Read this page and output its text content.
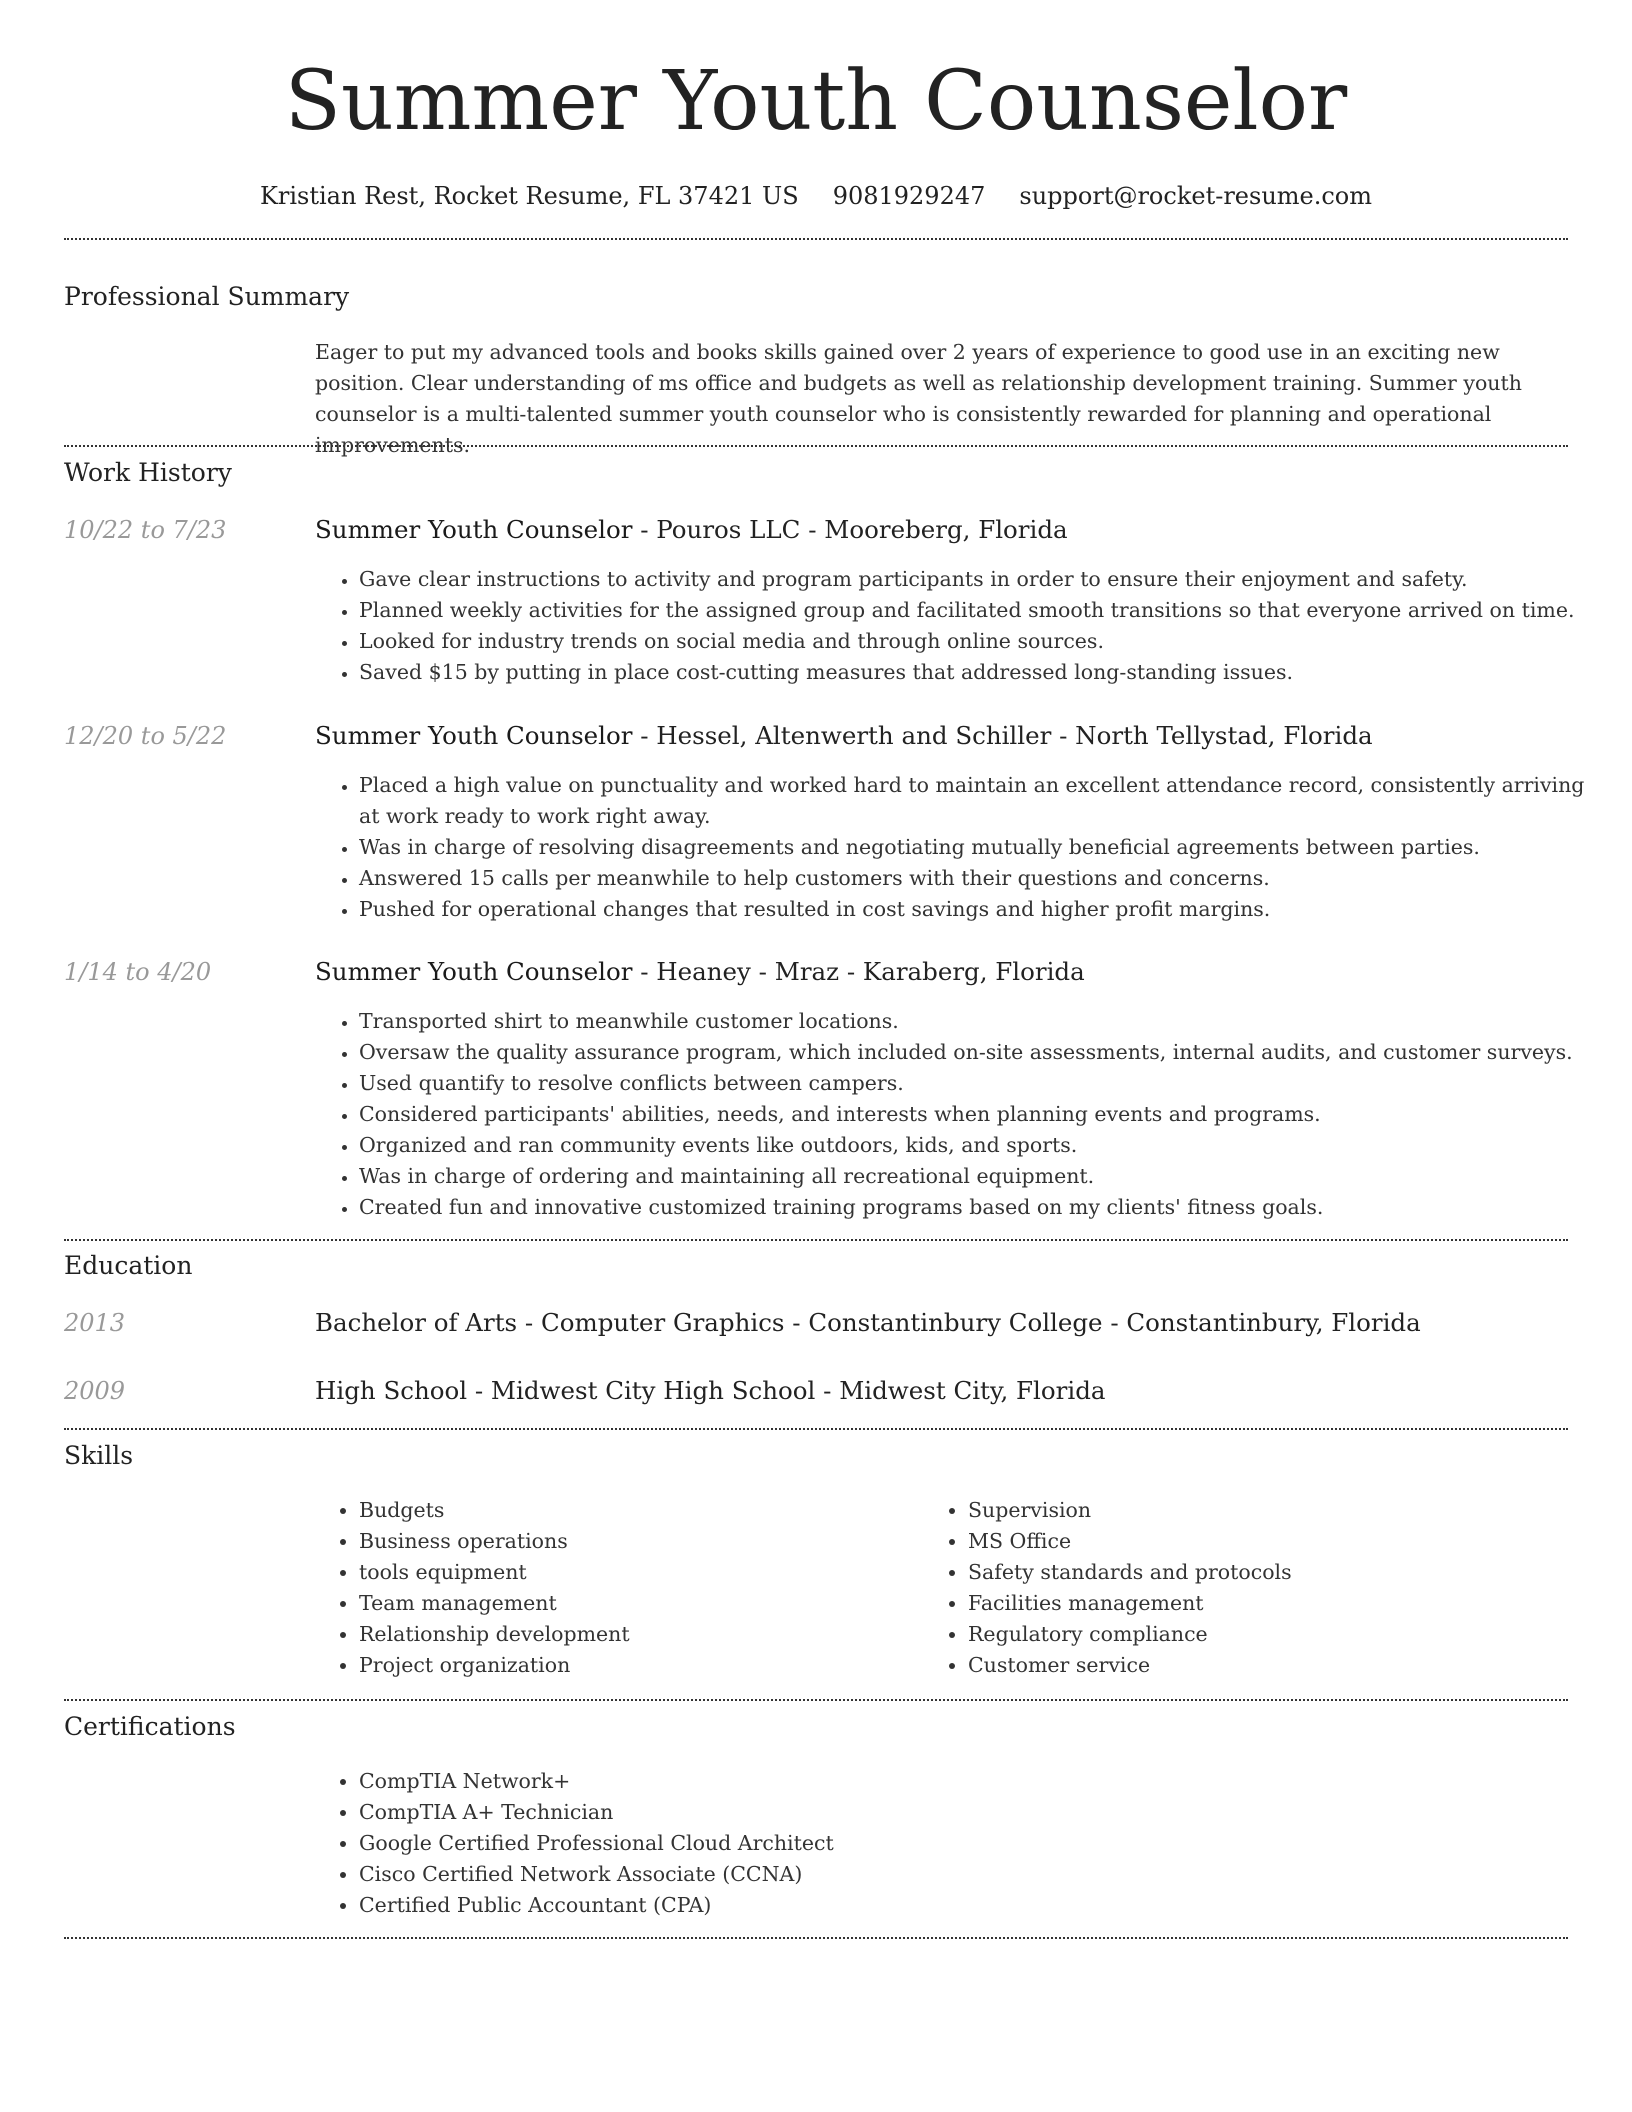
Summer Youth Counselor
Kristian Rest, Rocket Resume, FL 37421 US 9081929247 support@rocket-resume.com
Professional Summary
Eager to put my advanced tools and books skills gained over 2 years of experience to good use in an exciting new position. Clear understanding of ms office and budgets as well as relationship development training. Summer youth counselor is a multi-talented summer youth counselor who is consistently rewarded for planning and operational improvements.
Work History
10/22 to 7/23	Summer Youth Counselor - Pouros LLC - Mooreberg, Florida
• Gave clear instructions to activity and program participants in order to ensure their enjoyment and safety.
• Planned weekly activities for the assigned group and facilitated smooth transitions so that everyone arrived on time.
• Looked for industry trends on social media and through online sources.
• Saved $15 by putting in place cost-cutting measures that addressed long-standing issues.
12/20 to 5/22	Summer Youth Counselor - Hessel, Altenwerth and Schiller - North Tellystad, Florida
• Placed a high value on punctuality and worked hard to maintain an excellent attendance record, consistently arriving at work ready to work right away.
• Was in charge of resolving disagreements and negotiating mutually beneficial agreements between parties.
• Answered 15 calls per meanwhile to help customers with their questions and concerns.
• Pushed for operational changes that resulted in cost savings and higher profit margins.
1/14 to 4/20	Summer Youth Counselor - Heaney - Mraz - Karaberg, Florida
• Transported shirt to meanwhile customer locations.
• Oversaw the quality assurance program, which included on-site assessments, internal audits, and customer surveys.
• Used quantify to resolve conflicts between campers.
• Considered participants' abilities, needs, and interests when planning events and programs.
• Organized and ran community events like outdoors, kids, and sports.
• Was in charge of ordering and maintaining all recreational equipment.
• Created fun and innovative customized training programs based on my clients' fitness goals.
Education
2013	Bachelor of Arts - Computer Graphics - Constantinbury College - Constantinbury, Florida
2009	High School - Midwest City High School - Midwest City, Florida
Skills
• Budgets
• Business operations
• tools equipment
• Team management
• Relationship development
• Project organization
• Supervision
• MS Office
• Safety standards and protocols
• Facilities management
• Regulatory compliance
• Customer service
Certifications
• CompTIA Network+
• CompTIA A+ Technician
• Google Certified Professional Cloud Architect
• Cisco Certified Network Associate (CCNA)
• Certified Public Accountant (CPA)
